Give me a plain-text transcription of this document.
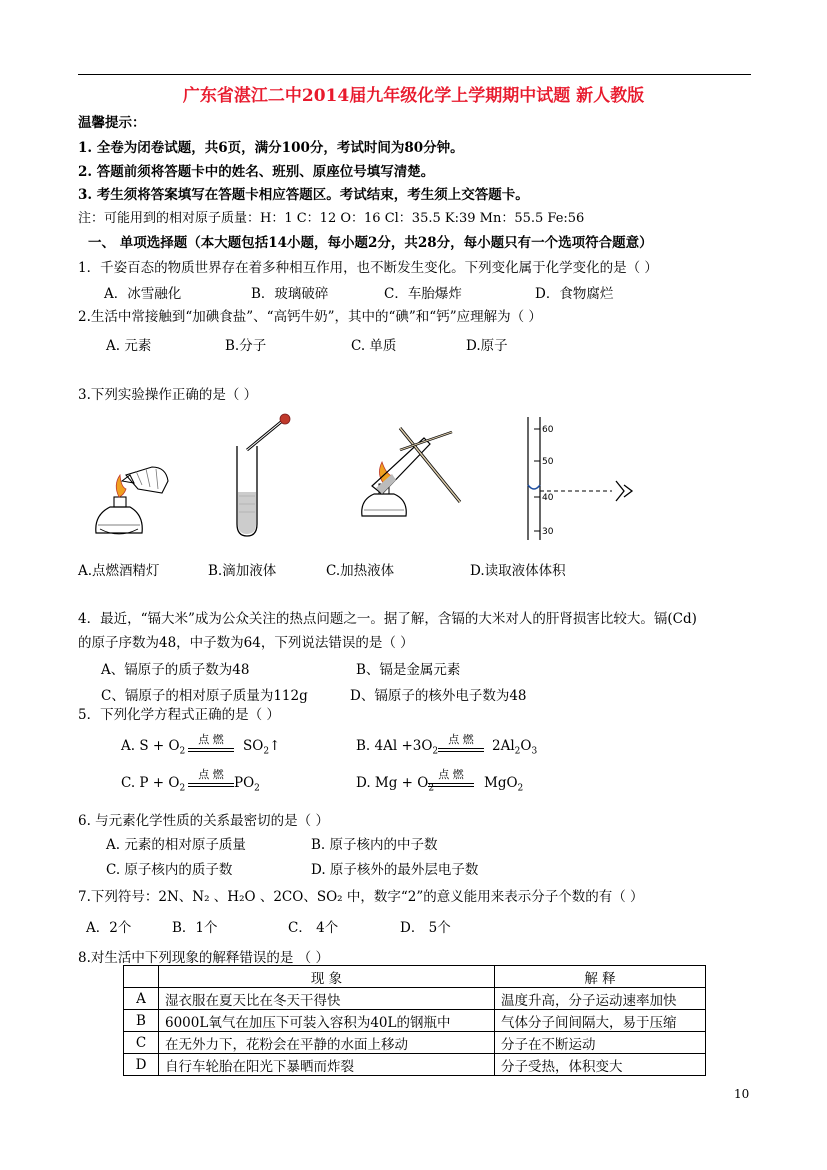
广东省湛江二中2014届九年级化学上学期期中试题 新人教版
温馨提示：
1. 全卷为闭卷试题，共6页，满分100分，考试时间为80分钟。
2. 答题前须将答题卡中的姓名、班别、原座位号填写清楚。
3. 考生须将答案填写在答题卡相应答题区。考试结束，考生须上交答题卡。
注：可能用到的相对原子质量：H：1 C：12 O：16 Cl：35.5 K:39 Mn：55.5 Fe:56
一、 单项选择题（本大题包括14小题，每小题2分，共28分，每小题只有一个选项符合题意）
1．千姿百态的物质世界存在着多种相互作用，也不断发生变化。下列变化属于化学变化的是（ ）
A．冰雪融化	B．玻璃破碎	C．车胎爆炸	D．食物腐烂
2.生活中常接触到“加碘食盐”、“高钙牛奶”，其中的“碘”和“钙”应理解为（ ）
A. 元素	B.分子	C. 单质	D.原子
3.下列实验操作正确的是（ ）
A.点燃酒精灯	B.滴加液体	C.加热液体
60
50
40
30
D.读取液体体积
4．最近，“镉大米”成为公众关注的热点问题之一。据了解，含镉的大米对人的肝肾损害比较大。镉(Cd)
的原子序数为48，中子数为64，下列说法错误的是（ ）
A、镉原子的质子数为48	B、镉是金属元素
C、镉原子的相对原子质量为112g	D、镉原子的核外电子数为48
5．下列化学方程式正确的是（ ）
A. $S + O_2$
点 燃	$SO_2↑$	B. $4Al +3O_2$
点 燃	$2Al_2O_3$
C. $P + O_2$
点 燃
$PO_2$	D. $Mg + O_2$
点 燃
MgO$_2$
6. 与元素化学性质的关系最密切的是（ ）
A. 元素的相对原子质量	B. 原子核内的中子数
C. 原子核内的质子数	D. 原子核外的最外层电子数
7.下列符号：2N、N₂ 、H₂O 、2CO、SO₂ 中，数字“2”的意义能用来表示分子个数的有（ ）
A．2个	B．1个	C． 4个	D． 5个
8.对生活中下列现象的解释错误的是 （ ）
	现 象	解 释
A	湿衣服在夏天比在冬天干得快	温度升高，分子运动速率加快
B	6000L氧气在加压下可装入容积为40L的钢瓶中	气体分子间间隔大，易于压缩
C	在无外力下，花粉会在平静的水面上移动	分子在不断运动
D	自行车轮胎在阳光下暴晒而炸裂	分子受热，体积变大
10
